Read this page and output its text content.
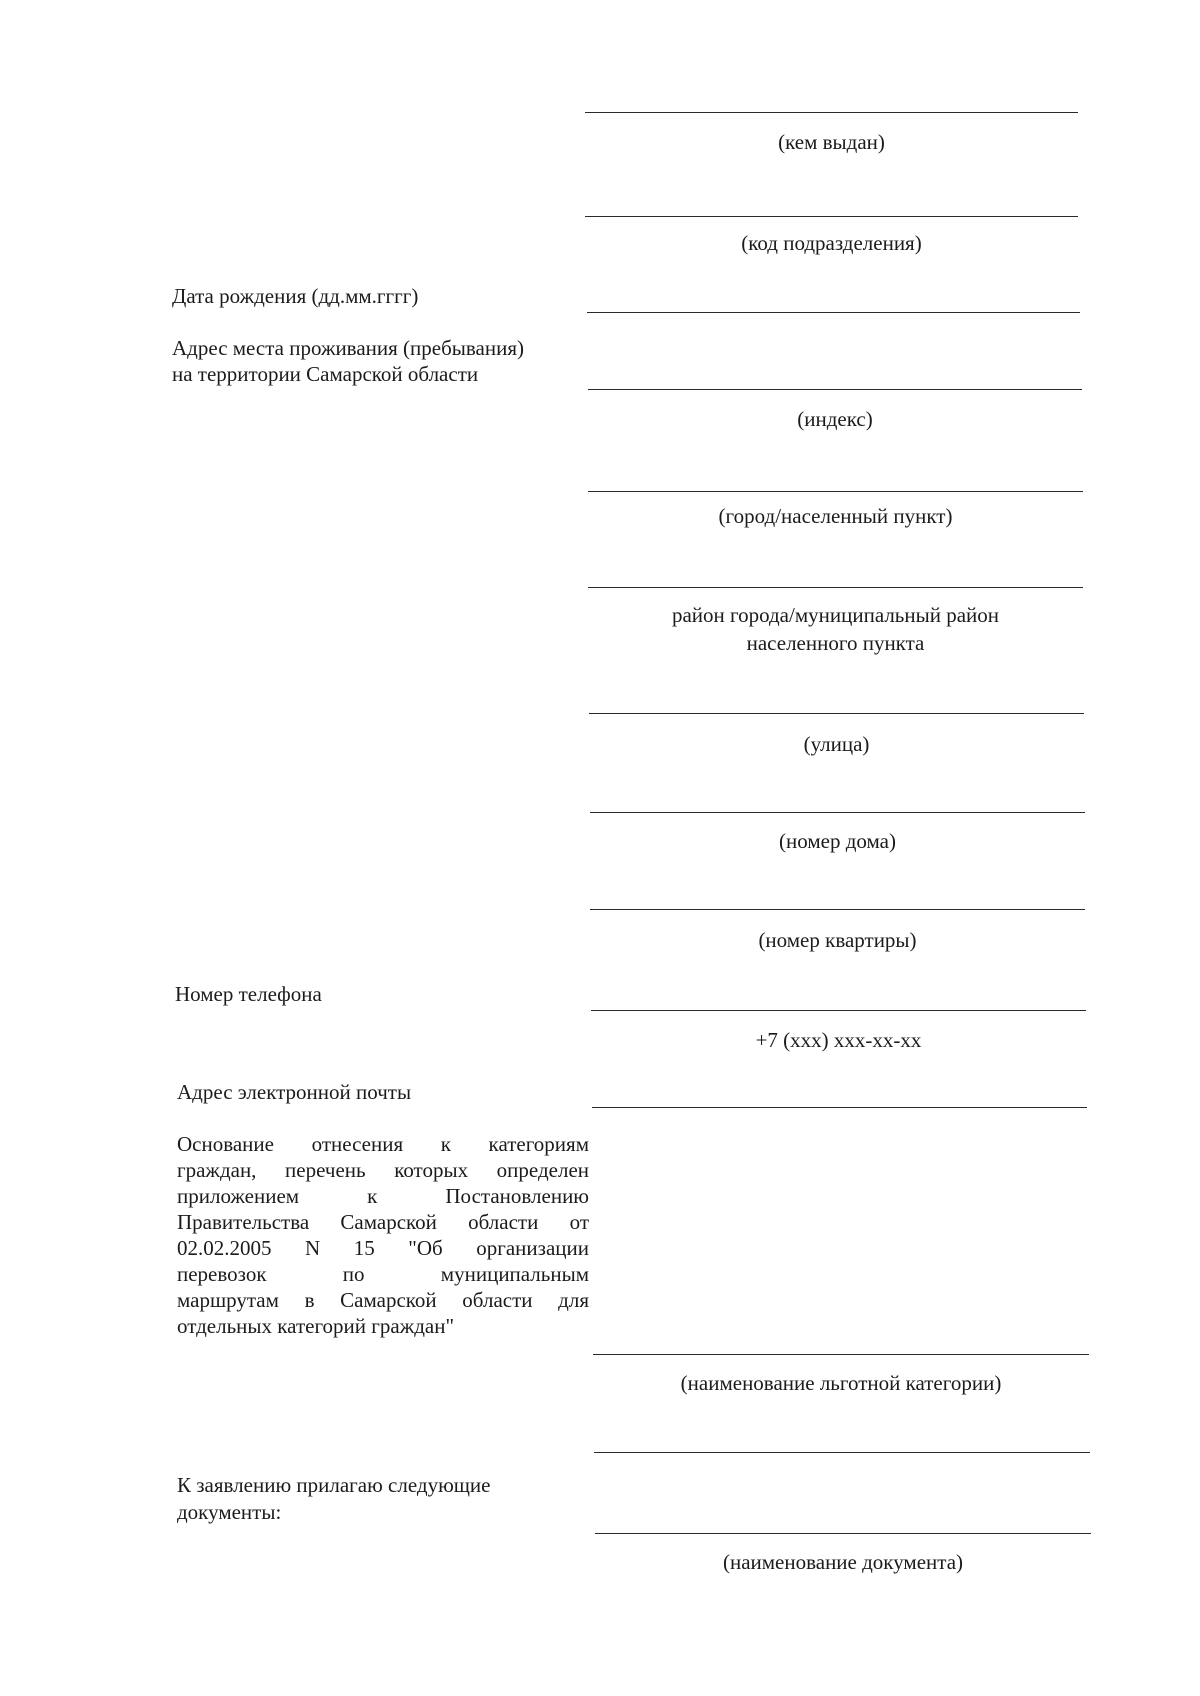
(кем выдан)
(код подразделения)
Дата рождения (дд.мм.гггг)
Адрес места проживания (пребывания)
на территории Самарской области
(индекс)
(город/населенный пункт)
район города/муниципальный район
населенного пункта
(улица)
(номер дома)
(номер квартиры)
Номер телефона
+7 (xxx) xxx-xx-xx
Адрес электронной почты
Основание отнесения к категориям
граждан, перечень которых определен
приложением к Постановлению
Правительства Самарской области от
02.02.2005 N 15 "Об организации
перевозок по муниципальным
маршрутам в Самарской области для
отдельных категорий граждан"
(наименование льготной категории)
К заявлению прилагаю следующие
документы:
(наименование документа)
